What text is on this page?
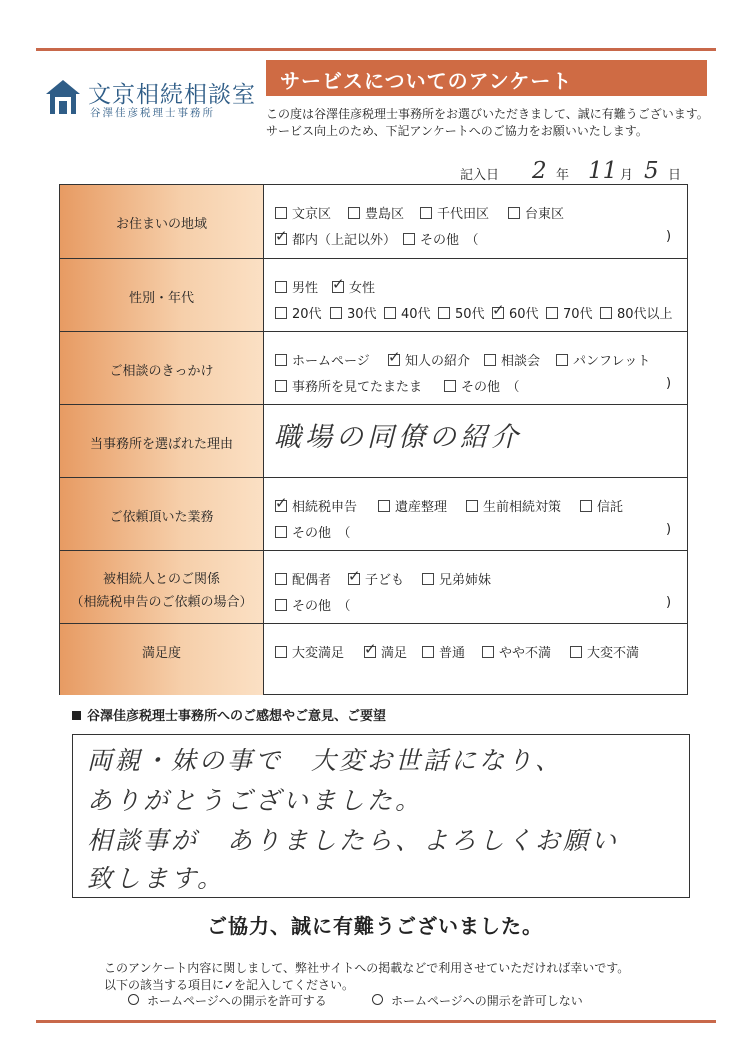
文京相続相談室
谷澤佳彦税理士事務所
サービスについてのアンケート
この度は谷澤佳彦税理士事務所をお選びいただきまして、誠に有難うございます。
サービス向上のため、下記アンケートへのご協力をお願いいたします。
記入日 2 年 11 月 5 日
お住まいの地域
文京区	豊島区	千代田区	台東区
✓都内（上記以外）	その他　（	)
性別・年代
男性 ✓	女性
20代	30代	40代	50代 ✓	60代	70代	80代以上
ご相談のきっかけ
ホームページ ✓	知人の紹介	相談会	パンフレット
事務所を見てたまたま	その他　（	)
当事務所を選ばれた理由	職場の同僚の紹介
ご依頼頂いた業務
✓相続税申告	遺産整理	生前相続対策	信託
その他　（	)
被相続人とのご関係
（相続税申告のご依頼の場合）
配偶者 ✓	子ども	兄弟姉妹
その他　（	)
満足度	大変満足 ✓	満足	普通	やや不満	大変不満
谷澤佳彦税理士事務所へのご感想やご意見、ご要望
両親・妹の事で　大変お世話になり、
ありがとうございました。
相談事が　ありましたら、よろしくお願い
致します。
ご協力、誠に有難うございました。
このアンケート内容に関しまして、弊社サイトへの掲載などで利用させていただければ幸いです。
以下の該当する項目に✓を記入してください。
ホームページへの開示を許可する	ホームページへの開示を許可しない
